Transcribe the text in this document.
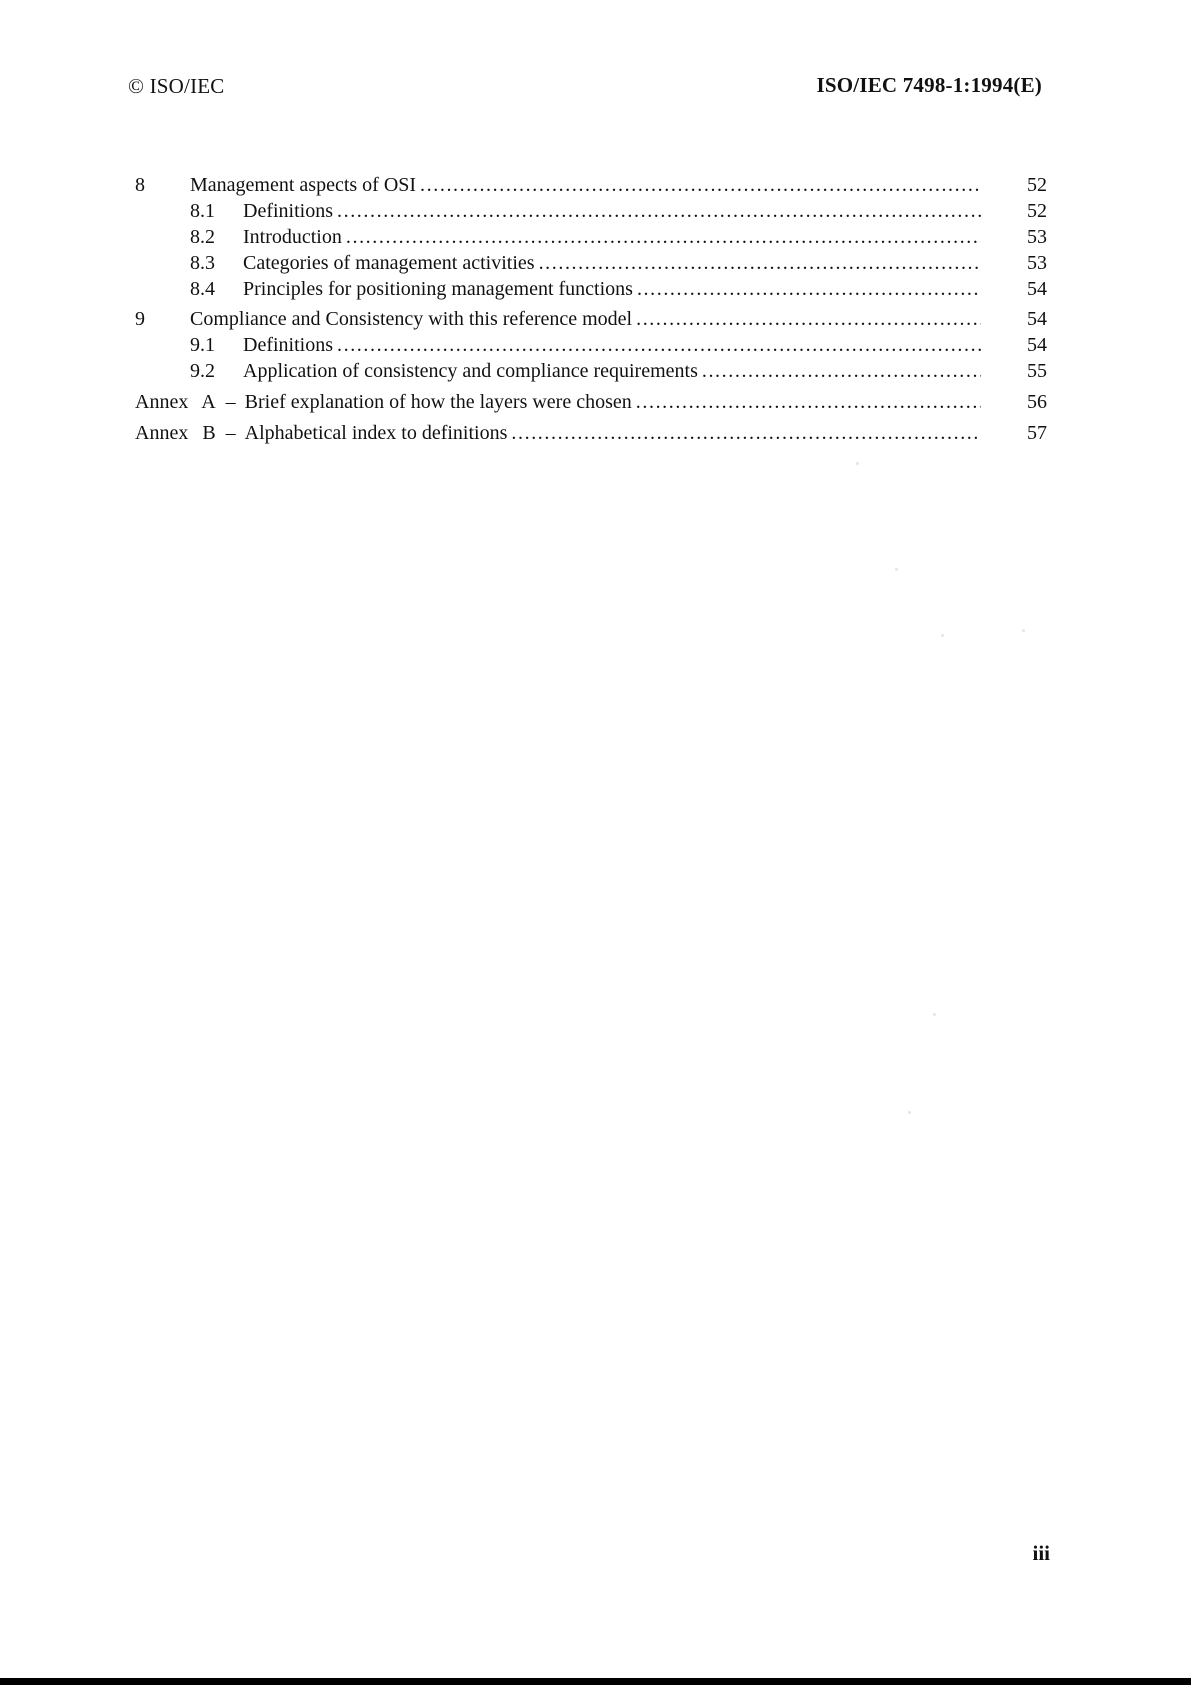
© ISO/IEC	ISO/IEC 7498-1:1994(E)
8	Management aspects of OSI .....	52
8.1	Definitions .....	52
8.2	Introduction .....	53
8.3	Categories of management activities .....	53
8.4	Principles for positioning management functions .....	54
9	Compliance and Consistency with this reference model .....	54
9.1	Definitions .....	54
9.2	Application of consistency and compliance requirements .....	55
Annex A – Brief explanation of how the layers were chosen .....	56
Annex B – Alphabetical index to definitions .....	57
iii
